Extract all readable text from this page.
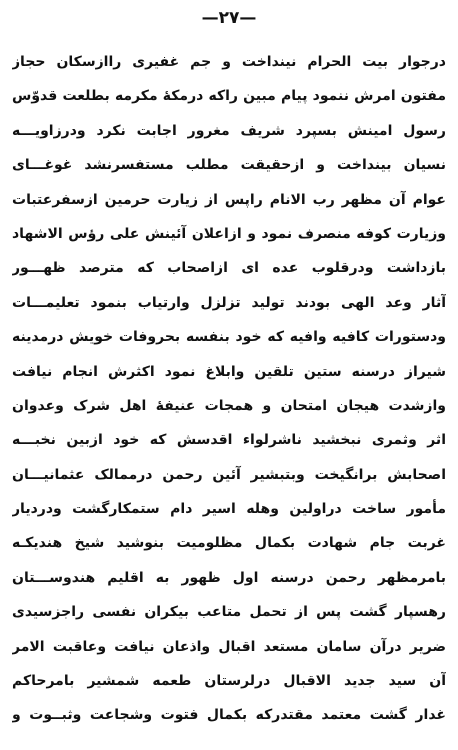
—۲۷—
درجوار بیت الحرام نینداخت و جم غفیری راازسکان حجاز
مفتون امرش ننمود پیام مبین راکه درمکهٔ مکرمه بطلعت قدوّس
رسول امینش بسپرد شریف مغرور اجابت نکرد ودرزاویـــه
نسیان بینداخت و ازحقیقت مطلب مستفسرنشد غوغـــای
عوام آن مظهر رب الانام راپس از زیارت حرمین ازسفرعتبات
وزیارت کوفه منصرف نمود و ازاعلان آئینش علی رؤس الاشهاد
بازداشت ودرقلوب عده ای ازاصحاب که مترصد ظهـــور
آثار وعد الهی بودند تولید تزلزل وارتیاب بنمود تعلیمـــات
ودستورات کافیه وافیه که خود بنفسه بحروفات خویش درمدینه
شیراز درسنه ستین تلقین وابلاغ نمود اکثرش انجام نیافت
وازشدت هیجان امتحان و همجات عنیفهٔ اهل شرک وعدوان
اثر وثمری نبخشید ناشرلواء اقدسش که خود ازبین نخبـــه
اصحابش برانگیخت وبتبشیر آئین رحمن درممالک عثمانیـــان
مأمور ساخت دراولین وهله اسیر دام ستمکارگشت ودردیار
غربت جام شهادت بکمال مظلومیت بنوشید شیخ هندیکـه
بامرمظهر رحمن درسنه اول ظهور به اقلیم هندوســـتان
رهسپار گشت پس از تحمل متاعب بیکران نفسی راجزسیدی
ضریر درآن سامان مستعد اقبال واذعان نیافت وعاقبت الامر
آن سید جدید الاقبال درلرستان طعمه شمشیر بامرحاکم
غدار گشت معتمد مقتدرکه بکمال فتوت وشجاعت وثبــوت و
